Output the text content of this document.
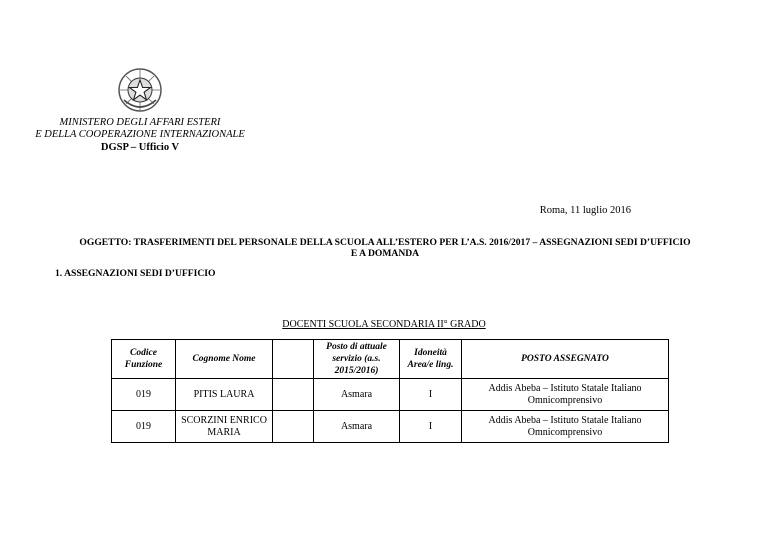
MINISTERO DEGLI AFFARI ESTERI
E DELLA COOPERAZIONE INTERNAZIONALE
DGSP – Ufficio V
Roma, 11 luglio 2016
OGGETTO: TRASFERIMENTI DEL PERSONALE DELLA SCUOLA ALL’ESTERO PER L’A.S. 2016/2017 – ASSEGNAZIONI SEDI D’UFFICIO
E A DOMANDA
1. ASSEGNAZIONI SEDI D’UFFICIO
DOCENTI SCUOLA SECONDARIA II° GRADO
Codice Funzione	Cognome Nome		Posto di attuale servizio (a.s. 2015/2016)	Idoneità Area/e ling.	POSTO ASSEGNATO
019	PITIS LAURA		Asmara	I	Addis Abeba – Istituto Statale Italiano Omnicomprensivo
019	SCORZINI ENRICO MARIA		Asmara	I	Addis Abeba – Istituto Statale Italiano Omnicomprensivo
